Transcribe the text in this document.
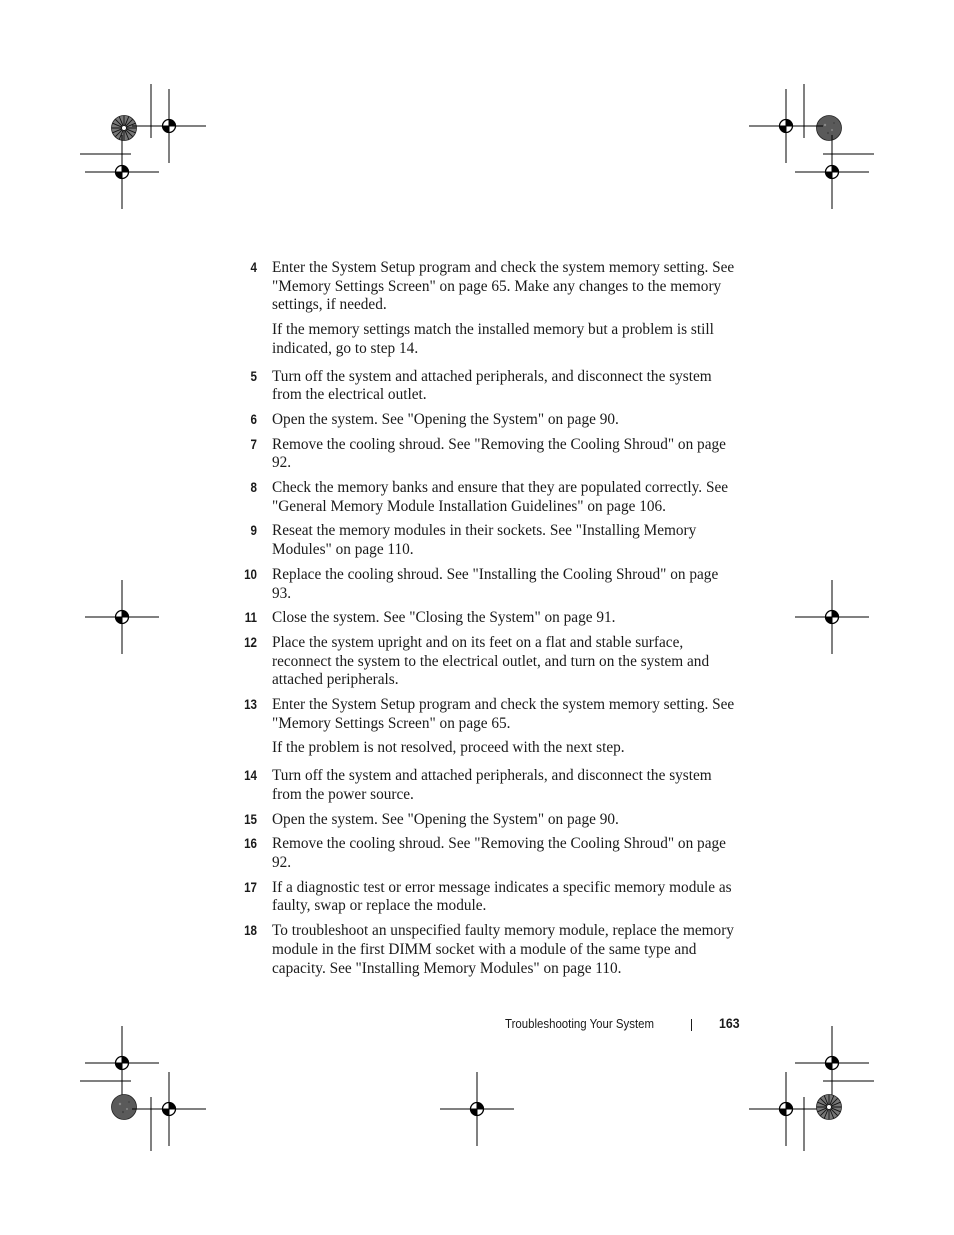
4 Enter the System Setup program and check the system memory setting. See "Memory Settings Screen" on page 65. Make any changes to the memory settings, if needed.
If the memory settings match the installed memory but a problem is still indicated, go to step 14.
5 Turn off the system and attached peripherals, and disconnect the system from the electrical outlet.
6 Open the system. See "Opening the System" on page 90.
7 Remove the cooling shroud. See "Removing the Cooling Shroud" on page 92.
8 Check the memory banks and ensure that they are populated correctly. See "General Memory Module Installation Guidelines" on page 106.
9 Reseat the memory modules in their sockets. See "Installing Memory Modules" on page 110.
10 Replace the cooling shroud. See "Installing the Cooling Shroud" on page 93.
11 Close the system. See "Closing the System" on page 91.
12 Place the system upright and on its feet on a flat and stable surface, reconnect the system to the electrical outlet, and turn on the system and attached peripherals.
13 Enter the System Setup program and check the system memory setting. See "Memory Settings Screen" on page 65.
If the problem is not resolved, proceed with the next step.
14 Turn off the system and attached peripherals, and disconnect the system from the power source.
15 Open the system. See "Opening the System" on page 90.
16 Remove the cooling shroud. See "Removing the Cooling Shroud" on page 92.
17 If a diagnostic test or error message indicates a specific memory module as faulty, swap or replace the module.
18 To troubleshoot an unspecified faulty memory module, replace the memory module in the first DIMM socket with a module of the same type and capacity. See "Installing Memory Modules" on page 110.
Troubleshooting Your System	163
